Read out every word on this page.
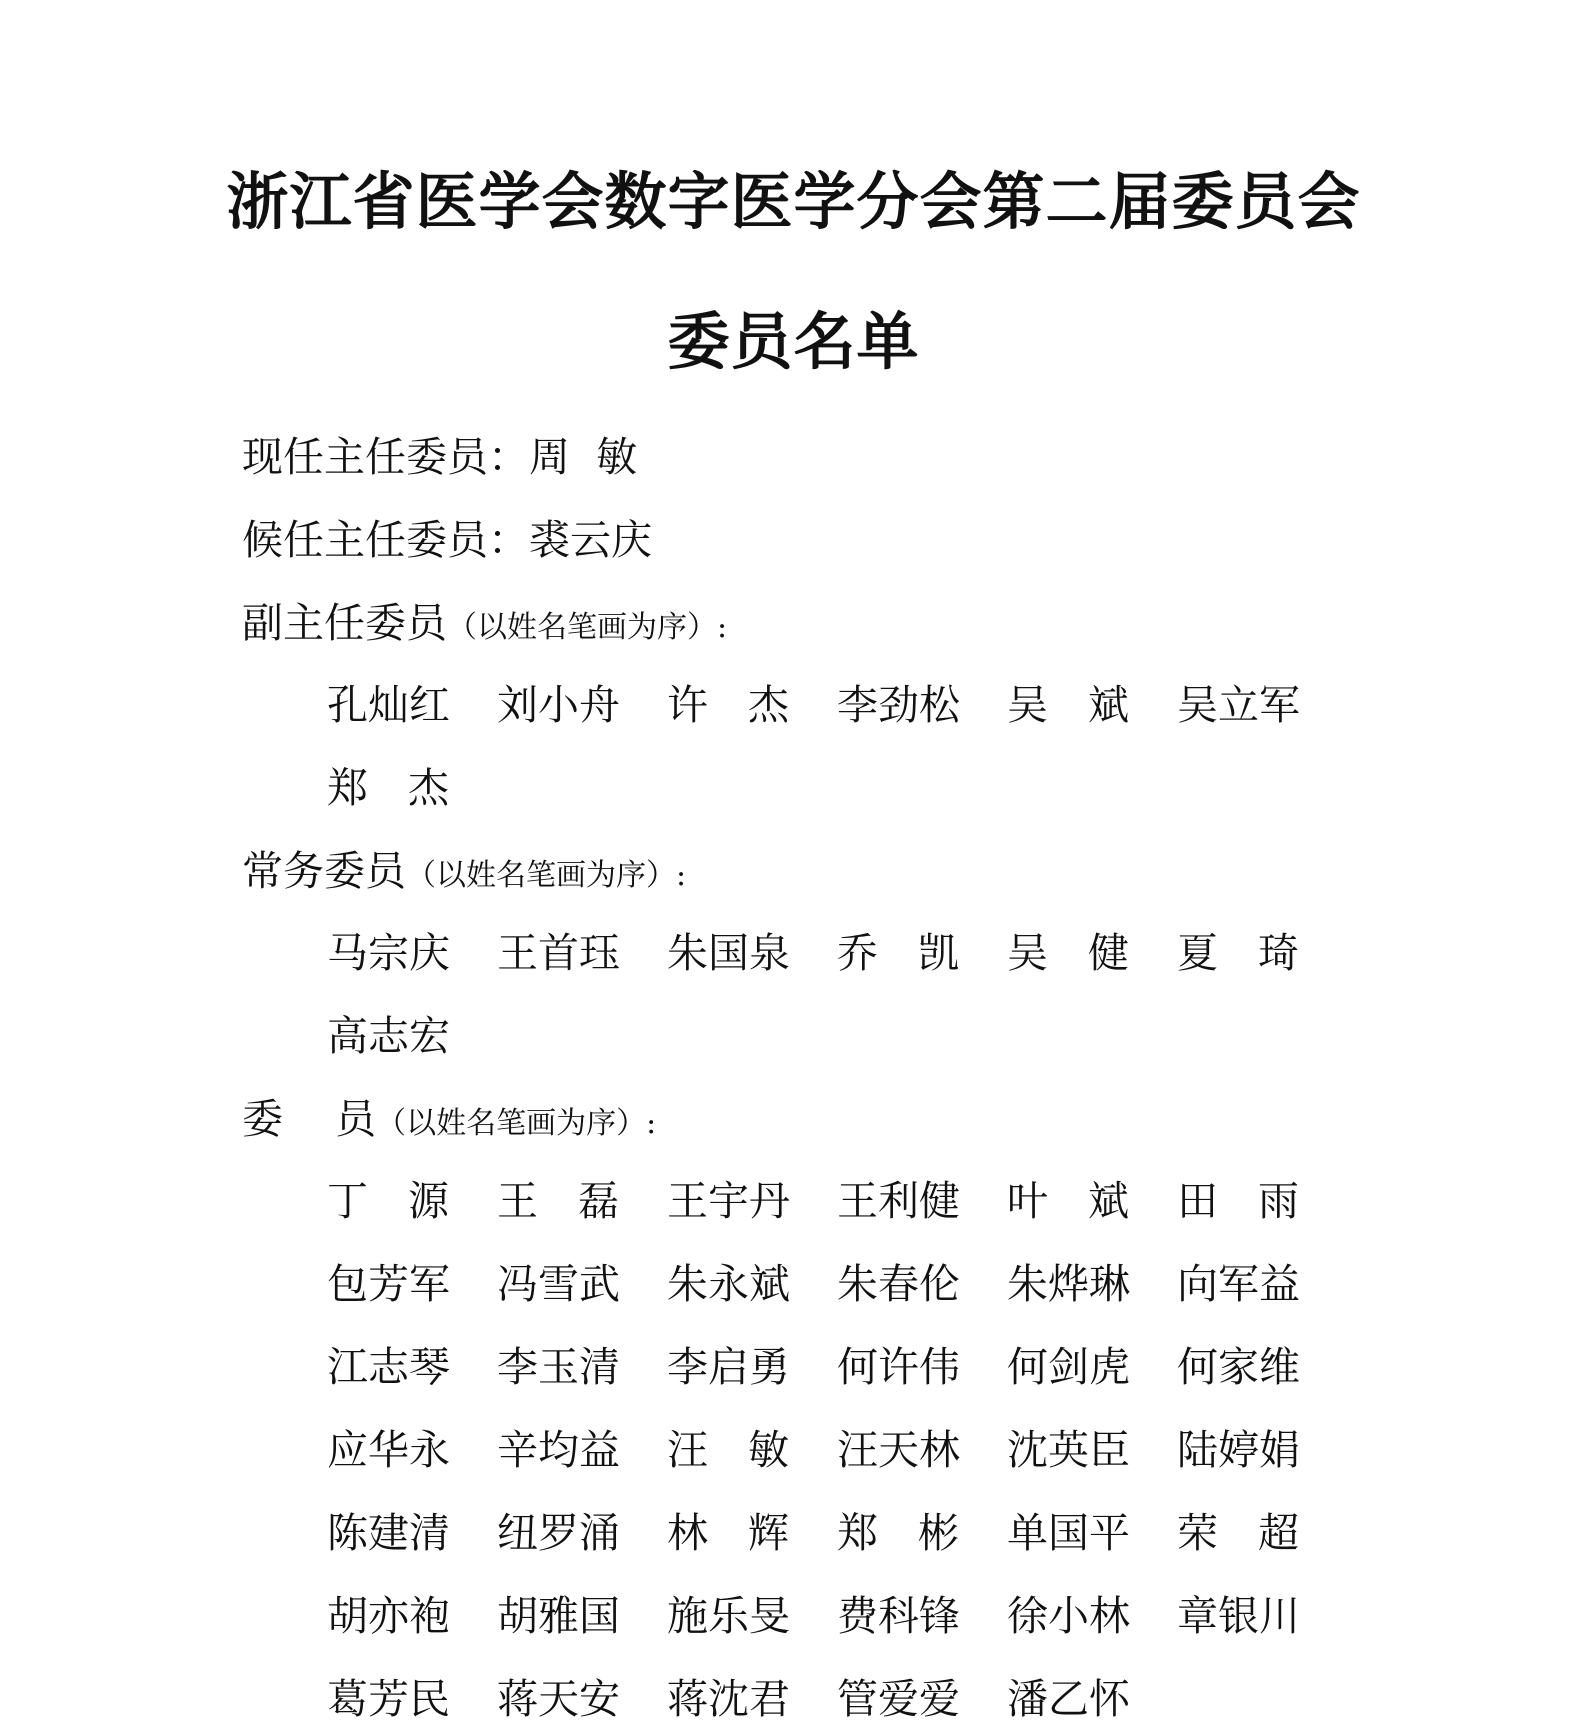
浙江省医学会数字医学分会第二届委员会
委员名单
现任主任委员：周  敏
候任主任委员：裘云庆
副主任委员（以姓名笔画为序）:
孔灿红 刘小舟 许杰 李劲松 吴斌 吴立军
郑杰
常务委员（以姓名笔画为序）:
马宗庆 王首珏 朱国泉 乔凯 吴健 夏琦
高志宏
委    员（以姓名笔画为序）:
丁源 王磊 王宇丹 王利健 叶斌 田雨
包芳军 冯雪武 朱永斌 朱春伦 朱烨琳 向军益
江志琴 李玉清 李启勇 何许伟 何剑虎 何家维
应华永 辛均益 汪敏 汪天林 沈英臣 陆婷娟
陈建清 纽罗涌 林辉 郑彬 单国平 荣超
胡亦袍 胡雅国 施乐旻 费科锋 徐小林 章银川
葛芳民 蒋天安 蒋沈君 管爱爱 潘乙怀
